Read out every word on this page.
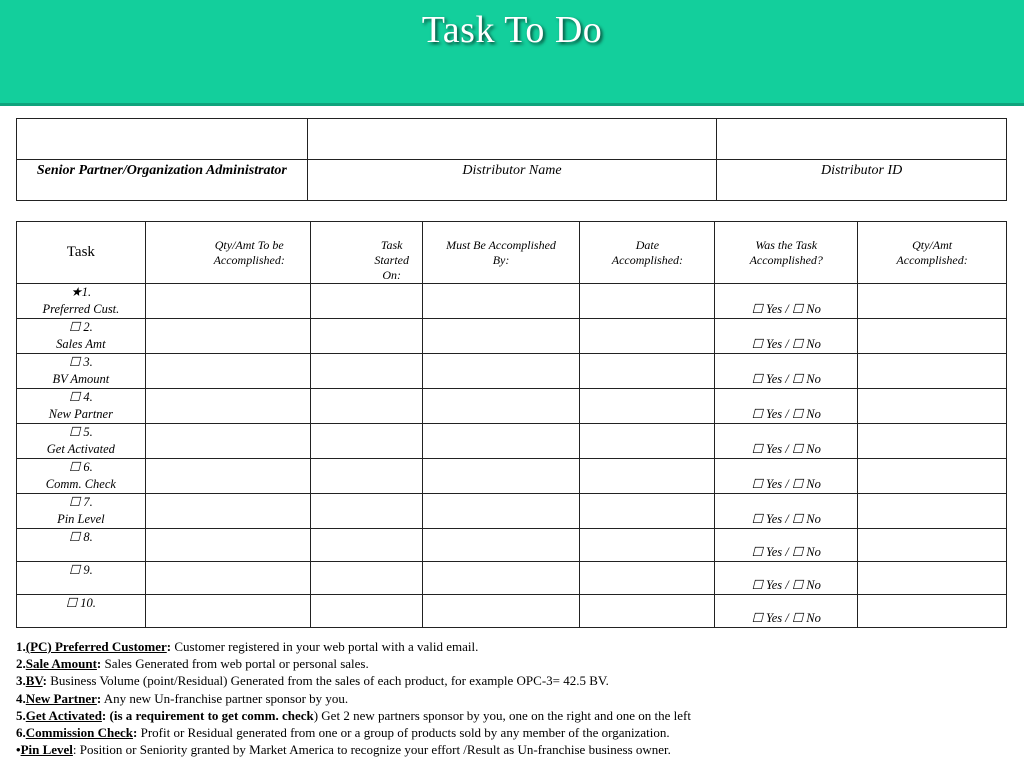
Task To Do

Senior Partner/Organization Administrator	Distributor Name	Distributor ID
Task	Qty/Amt To be Accomplished:	Task Started On:	Must Be Accomplished By:	Date Accomplished:	Was the Task Accomplished?	Qty/Amt Accomplished:

★1.
Preferred Cust.					☐ Yes / ☐ No	

☐ 2.
Sales Amt					☐ Yes / ☐ No	

☐ 3.
BV Amount					☐ Yes / ☐ No	

☐ 4.
New Partner					☐ Yes / ☐ No	

☐ 5.
Get Activated					☐ Yes / ☐ No	

☐ 6.
Comm. Check					☐ Yes / ☐ No	

☐ 7.
Pin Level					☐ Yes / ☐ No	

☐ 8.					☐ Yes / ☐ No	

☐ 9.					☐ Yes / ☐ No	

☐ 10.					☐ Yes / ☐ No	
1.(PC) Preferred Customer: Customer registered in your web portal with a valid email.
2.Sale Amount: Sales Generated from web portal or personal sales.
3.BV: Business Volume (point/Residual) Generated from the sales of each product, for example OPC-3= 42.5 BV.
4.New Partner: Any new Un-franchise partner sponsor by you.
5.Get Activated: (is a requirement to get comm. check) Get 2 new partners sponsor by you, one on the right and one on the left
6.Commission Check: Profit or Residual generated from one or a group of products sold by any member of the organization.
•Pin Level: Position or Seniority granted by Market America to recognize your effort /Result as Un-franchise business owner.
